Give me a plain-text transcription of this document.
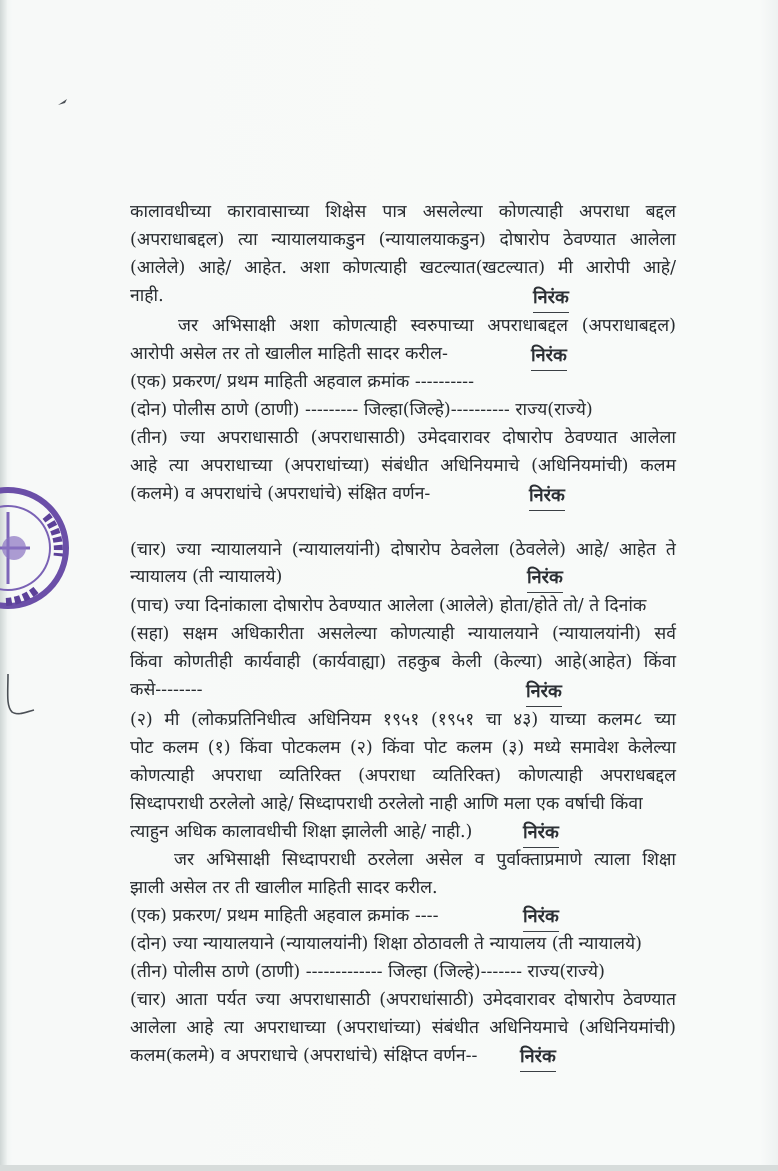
कालावधीच्या कारावासाच्या शिक्षेस पात्र असलेल्या कोणत्याही अपराधा बद्दल
(अपराधाबद्दल) त्या न्यायालयाकडुन (न्यायालयाकडुन) दोषारोप ठेवण्यात आलेला
(आलेले) आहे/ आहेत. अशा कोणत्याही खटल्यात(खटल्यात) मी आरोपी आहे/
नाही.
जर अभिसाक्षी अशा कोणत्याही स्वरुपाच्या अपराधाबद्दल (अपराधाबद्दल)
आरोपी असेल तर तो खालील माहिती सादर करील-
(एक) प्रकरण/ प्रथम माहिती अहवाल क्रमांक ----------
(दोन) पोलीस ठाणे (ठाणी) --------- जिल्हा(जिल्हे)---------- राज्य(राज्ये)
(तीन) ज्या अपराधासाठी (अपराधासाठी) उमेदवारावर दोषारोप ठेवण्यात आलेला
आहे त्या अपराधाच्या (अपराधांच्या) संबंधीत अधिनियमाचे (अधिनियमांची) कलम
(कलमे) व अपराधांचे (अपराधांचे) संक्षित वर्णन-
(चार) ज्या न्यायालयाने (न्यायालयांनी) दोषारोप ठेवलेला (ठेवलेले) आहे/ आहेत ते
न्यायालय (ती न्यायालये)
(पाच) ज्या दिनांकाला दोषारोप ठेवण्यात आलेला (आलेले) होता/होते तो/ ते दिनांक
(सहा) सक्षम अधिकारीता असलेल्या कोणत्याही न्यायालयाने (न्यायालयांनी) सर्व
किंवा कोणतीही कार्यवाही (कार्यवाह्या) तहकुब केली (केल्या) आहे(आहेत) किंवा
कसे--------
(२) मी (लोकप्रतिनिधीत्व अधिनियम १९५१ (१९५१ चा ४३) याच्या कलम८ च्या
पोट कलम (१) किंवा पोटकलम (२) किंवा पोट कलम (३) मध्ये समावेश केलेल्या
कोणत्याही अपराधा व्यतिरिक्त (अपराधा व्यतिरिक्त) कोणत्याही अपराधबद्दल
सिध्दापराधी ठरलेलो आहे/ सिध्दापराधी ठरलेलो नाही आणि मला एक वर्षाची किंवा
त्याहुन अधिक कालावधीची शिक्षा झालेली आहे/ नाही.)
जर अभिसाक्षी सिध्दापराधी ठरलेला असेल व पुर्वाक्ताप्रमाणे त्याला शिक्षा
झाली असेल तर ती खालील माहिती सादर करील.
(एक) प्रकरण/ प्रथम माहिती अहवाल क्रमांक ----
(दोन) ज्या न्यायालयाने (न्यायालयांनी) शिक्षा ठोठावली ते न्यायालय (ती न्यायालये)
(तीन) पोलीस ठाणे (ठाणी) ------------- जिल्हा (जिल्हे)------- राज्य(राज्ये)
(चार) आता पर्यत ज्या अपराधासाठी (अपराधांसाठी) उमेदवारावर दोषारोप ठेवण्यात
आलेला आहे त्या अपराधाच्या (अपराधांच्या) संबंधीत अधिनियमाचे (अधिनियमांची)
कलम(कलमे) व अपराधाचे (अपराधांचे) संक्षिप्त वर्णन--
निरंक
निरंक
निरंक
निरंक
निरंक
निरंक
निरंक
निरंक
